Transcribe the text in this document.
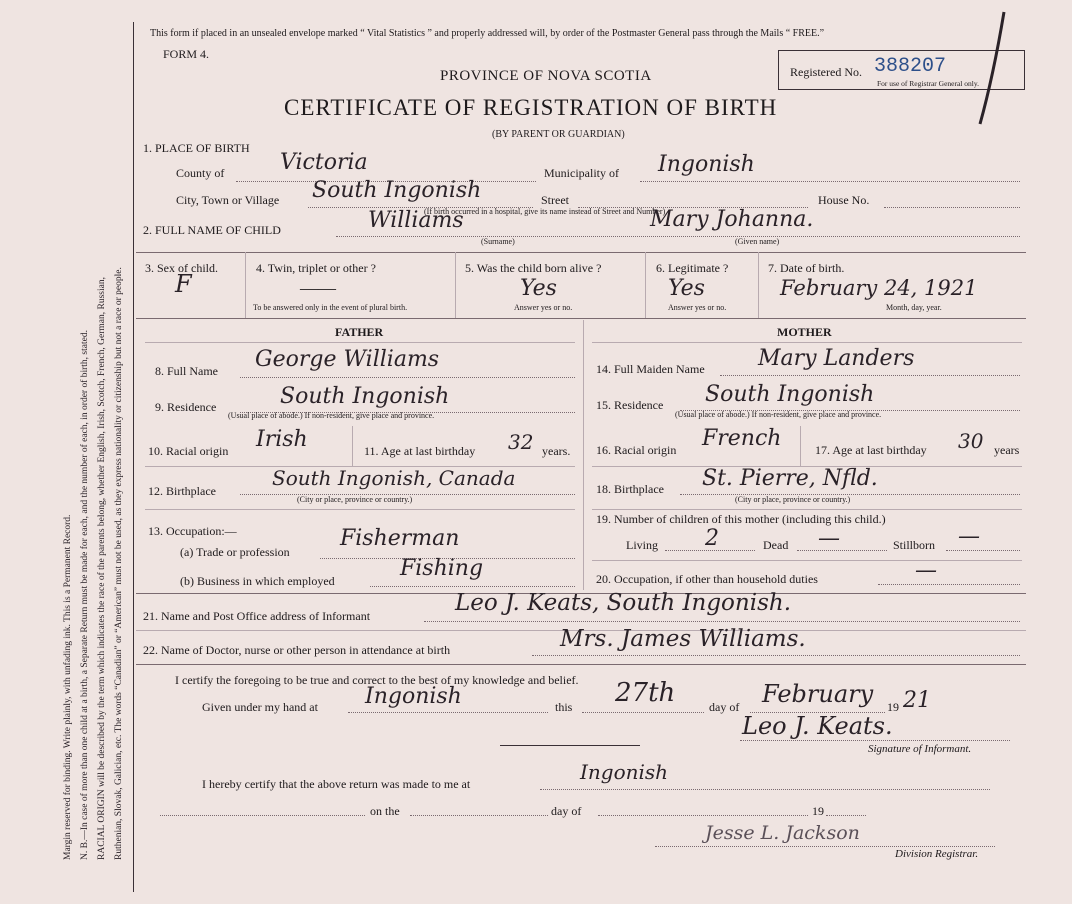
Margin reserved for binding. Write plainly, with unfading ink. This is a Permanent Record. N. B.—In case of more than one child at a birth, a Separate Return must be made for each, and the number of each, in order of birth, stated. RACIAL ORIGIN will be described by the term which indicates the race of the parents belong, whether English, Irish, Scotch, French, German, Russian, Ruthenian, Slovak, Galician, etc. The words “Canadian” or “American” must not be used, as they express nationality or citizenship but not a race or people.
This form if placed in an unsealed envelope marked “ Vital Statistics ” and properly addressed will, by order of the Postmaster General pass through the Mails “ FREE.”
FORM 4.
PROVINCE OF NOVA SCOTIA
CERTIFICATE OF REGISTRATION OF BIRTH
(BY PARENT OR GUARDIAN)
Registered No. 388207
For use of Registrar General only.
1. PLACE OF BIRTH
County of	Victoria	Municipality of Ingonish
City, Town or Village South Ingonish	Street	House No.
(If birth occurred in a hospital, give its name instead of Street and Number)
2. FULL NAME OF CHILD	Williams	Mary Johanna.
(Surname)	(Given name)
3. Sex of child.
F
4. Twin, triplet or other ?
——
To be answered only in the event of plural birth.
5. Was the child born alive ?
Yes
Answer yes or no.
6. Legitimate ?
Yes
Answer yes or no.
7. Date of birth.
February 24, 1921
Month, day, year.
FATHER	MOTHER
8. Full Name George Williams
9. Residence	South Ingonish
(Usual place of abode.) If non-resident, give place and province.
10. Racial origin Irish	11. Age at last birthday 32 years.
12. Birthplace
South Ingonish, Canada
(City or place, province or country.)
13. Occupation:—
(a) Trade or profession
Fisherman
(b) Business in which employed	Fishing
14. Full Maiden Name Mary Landers
15. Residence South Ingonish
(Usual place of abode.) If non-resident, give place and province.
16. Racial origin French	17. Age at last birthday 30 years
18. Birthplace St. Pierre, Nfld.
(City or place, province or country.)
19. Number of children of this mother (including this child.)
Living 2	Dead —	Stillborn —
20. Occupation, if other than household duties	—
21. Name and Post Office address of Informant	Leo J. Keats, South Ingonish.
22. Name of Doctor, nurse or other person in attendance at birth	Mrs. James Williams.
I certify the foregoing to be true and correct to the best of my knowledge and belief.
Given under my hand at Ingonish	this 27th	day of February 19 21
Leo J. Keats.
Signature of Informant.
I hereby certify that the above return was made to me at	Ingonish
on the	day of	19
Jesse L. Jackson
Division Registrar.
